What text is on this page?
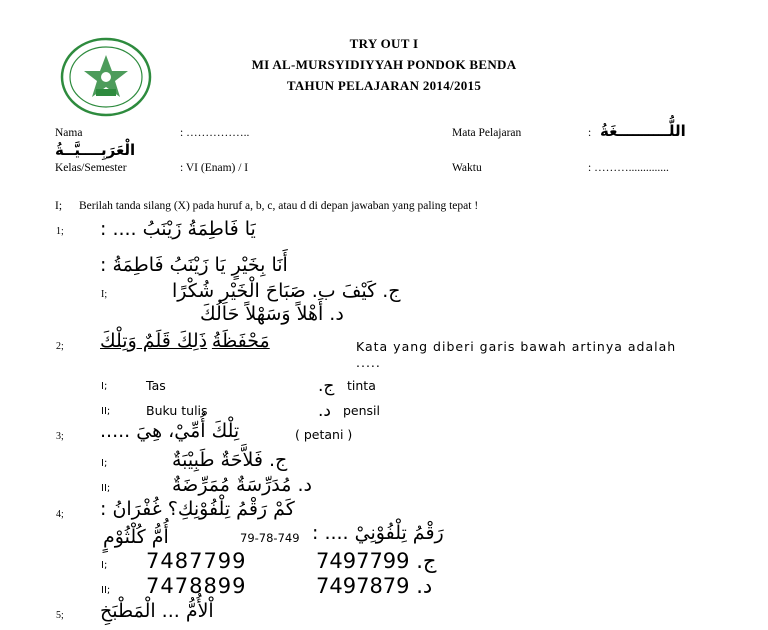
TRY OUT I
MI AL-MURSYIDIYYAH PONDOK BENDA
TAHUN PELAJARAN 2014/2015
Nama	: ……………..	Mata Pelajaran	: اللُّــــــــــغَةُ
الْعَرَبِــــيَّــةُ
Kelas/Semester	: VI (Enam) / I	Waktu	: ………..............
I; Berilah tanda silang (X) pada huruf a, b, c, atau d di depan jawaban yang paling tepat !
1; يَا فَاطِمَةُ زَيْنَبُ .... :
أَنَا بِخَيْرٍ يَا زَيْنَبُ فَاطِمَةُ :
I;	ج. كَيْفَ ب. صَبَاحَ الْخَيْرِ شُكْرًا
د. أَهْلاً وَسَهْلاً حَالُكَ
2;	مَحْفَظَةُ ذَلِكَ قَلَمٌ وَتِلْكَ	Kata yang diberi garis bawah artinya adalah .....
I;	Tas	ج. tinta
II;	Buku tulis	د. pensil
3; تِلْكَ أُمِّيْ، هِيَ .....	( petani )
I;	ج. فَلاَّحَةٌ طَبِيْبَةٌ
II;	د. مُدَرِّسَةٌ مُمَرِّضَةٌ
4; كَمْ رَقْمُ تِلْفُوْنِكِ؟ غُفْرَانُ :
أُمُّ كُلْثُوْمٍ	79-78-749 رَقْمُ تِلْفُوْنِيْ .... :
I; 7487799	ج. 7497799
II; 7478899	د. 7497879
5; اْلأُمُّ ... الْمَطْبَخِ
